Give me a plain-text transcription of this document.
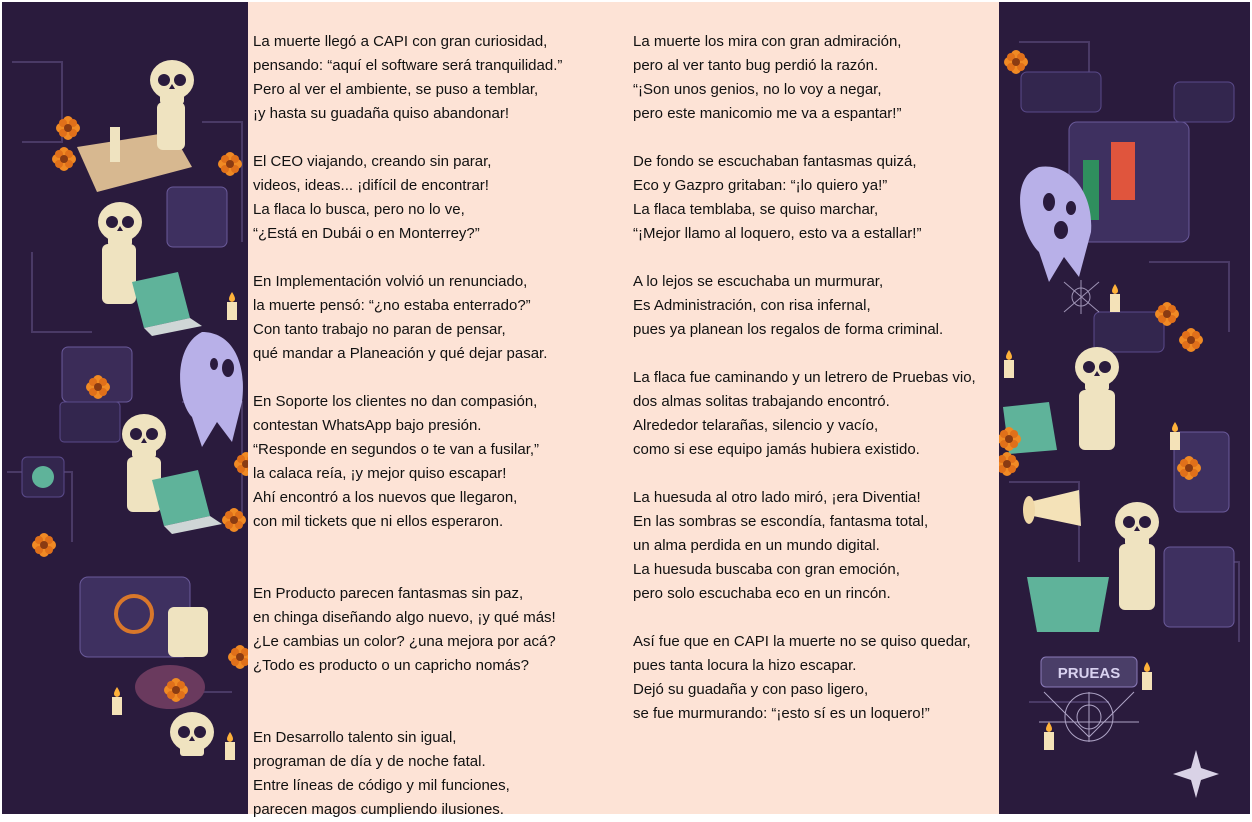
La muerte llegó a CAPI con gran curiosidad,
pensando: “aquí el software será tranquilidad.”
Pero al ver el ambiente, se puso a temblar,
¡y hasta su guadaña quiso abandonar!
El CEO viajando, creando sin parar,
videos, ideas... ¡difícil de encontrar!
La flaca lo busca, pero no lo ve,
“¿Está en Dubái o en Monterrey?”
En Implementación volvió un renunciado,
la muerte pensó: “¿no estaba enterrado?”
Con tanto trabajo no paran de pensar,
qué mandar a Planeación y qué dejar pasar.
En Soporte los clientes no dan compasión,
contestan WhatsApp bajo presión.
“Responde en segundos o te van a fusilar,”
la calaca reía, ¡y mejor quiso escapar!
Ahí encontró a los nuevos que llegaron,
con mil tickets que ni ellos esperaron.
En Producto parecen fantasmas sin paz,
en chinga diseñando algo nuevo, ¡y qué más!
¿Le cambias un color? ¿una mejora por acá?
¿Todo es producto o un capricho nomás?
En Desarrollo talento sin igual,
programan de día y de noche fatal.
Entre líneas de código y mil funciones,
parecen magos cumpliendo ilusiones.
La muerte los mira con gran admiración,
pero al ver tanto bug perdió la razón.
“¡Son unos genios, no lo voy a negar,
pero este manicomio me va a espantar!”
De fondo se escuchaban fantasmas quizá,
Eco y Gazpro gritaban: “¡lo quiero ya!”
La flaca temblaba, se quiso marchar,
“¡Mejor llamo al loquero, esto va a estallar!”
A lo lejos se escuchaba un murmurar,
Es Administración, con risa infernal,
pues ya planean los regalos de forma criminal.
La flaca fue caminando y un letrero de Pruebas vio,
dos almas solitas trabajando encontró.
Alrededor telarañas, silencio y vacío,
como si ese equipo jamás hubiera existido.
La huesuda al otro lado miró, ¡era Diventia!
En las sombras se escondía, fantasma total,
un alma perdida en un mundo digital.
La huesuda buscaba con gran emoción,
pero solo escuchaba eco en un rincón.
Así fue que en CAPI la muerte no se quiso quedar,
pues tanta locura la hizo escapar.
Dejó su guadaña y con paso ligero,
se fue murmurando: “¡esto sí es un loquero!”
PRUEAS
